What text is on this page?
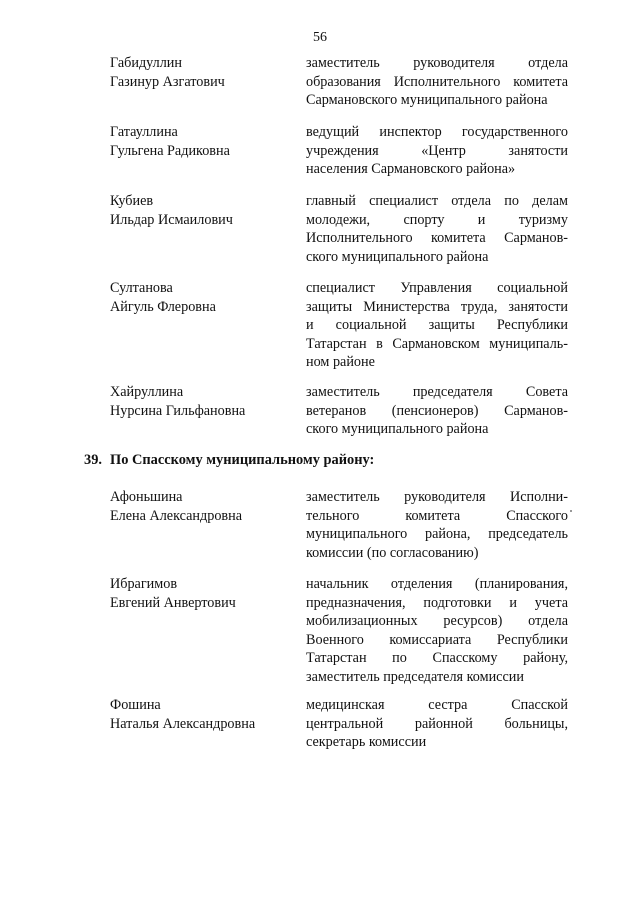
56
Габидуллин
Газинур Азгатович
заместитель руководителя отдела
образования Исполнительного комитета
Сармановского муниципального района
Гатауллина
Гульгена Радиковна
ведущий инспектор государственного
учреждения «Центр занятости
населения Сармановского района»
Кубиев
Ильдар Исмаилович
главный специалист отдела по делам
молодежи, спорту и туризму
Исполнительного комитета Сарманов-
ского муниципального района
Султанова
Айгуль Флеровна
специалист Управления социальной
защиты Министерства труда, занятости
и социальной защиты Республики
Татарстан в Сармановском муниципаль-
ном районе
Хайруллина
Нурсина Гильфановна
заместитель председателя Совета
ветеранов (пенсионеров) Сарманов-
ского муниципального района
39. По Спасскому муниципальному району:
Афоньшина
Елена Александровна
заместитель руководителя Исполни-
тельного комитета Спасского
муниципального района, председатель
комиссии (по согласованию)
Ибрагимов
Евгений Анвертович
начальник отделения (планирования,
предназначения, подготовки и учета
мобилизационных ресурсов) отдела
Военного комиссариата Республики
Татарстан по Спасскому району,
заместитель председателя комиссии
Фошина
Наталья Александровна
медицинская сестра Спасской
центральной районной больницы,
секретарь комиссии
